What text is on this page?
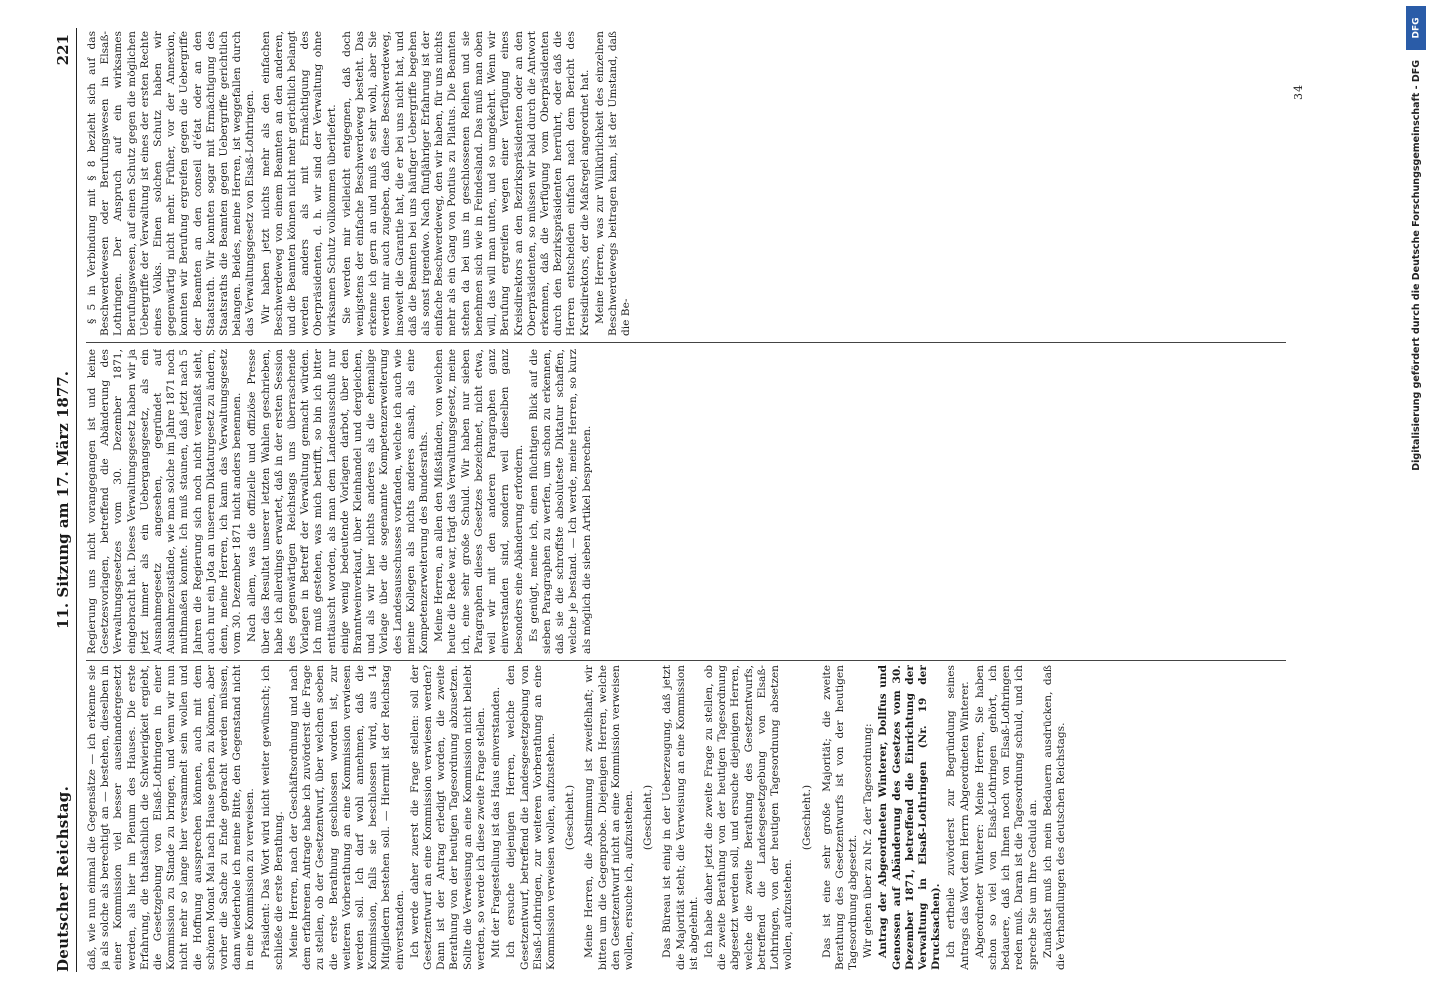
Deutscher Reichstag.
11. Sitzung am 17. März 1877.
221

daß, wie nun einmal die Gegensätze — ich erkenne sie ja als solche als berechtigt an — bestehen, dieselben in einer Kommission viel besser auseinandergesetzt werden, als hier im Plenum des Hauses. Die erste Erfahrung, die thatsächlich die Schwierigkeit ergiebt, die Gesetzgebung von Elsaß-Lothringen in einer Kommission zu Stande zu bringen, und wenn wir nun nicht mehr so lange hier versammelt sein wollen und die Hoffnung aussprechen können, auch mit dem schönen Monat Mai nach Hause gehen zu können, aber vorher die Sache zu Ende gebracht werden müssen, dann wiederhole ich meine Bitte, den Gegenstand nicht in eine Kommission zu verweisen. Präsident: Das Wort wird nicht weiter gewünscht; ich schließe die erste Berathung. Meine Herren, nach der Geschäftsordnung und nach dem erfahrenen Antrage habe ich zuvörderst die Frage zu stellen, ob der Gesetzentwurf, über welchen soeben die erste Berathung geschlossen worden ist, zur weiteren Vorberathung an eine Kommission verwiesen werden soll. Ich darf wohl annehmen, daß die Kommission, falls sie beschlossen wird, aus 14 Mitgliedern bestehen soll. — Hiermit ist der Reichstag einverstanden. Ich werde daher zuerst die Frage stellen: soll der Gesetzentwurf an eine Kommission verwiesen werden? Dann ist der Antrag erledigt worden, die zweite Berathung von der heutigen Tagesordnung abzusetzen. Sollte die Verweisung an eine Kommission nicht beliebt werden, so werde ich diese zweite Frage stellen. Mit der Fragestellung ist das Haus einverstanden. Ich ersuche diejenigen Herren, welche den Gesetzentwurf, betreffend die Landesgesetzgebung von Elsaß-Lothringen, zur weiteren Vorberathung an eine Kommission verweisen wollen, aufzustehen. (Geschieht.) Meine Herren, die Abstimmung ist zweifelhaft; wir bitten um die Gegenprobe. Diejenigen Herren, welche den Gesetzentwurf nicht an eine Kommission verweisen wollen, ersuche ich, aufzustehen. (Geschieht.) Das Büreau ist einig in der Ueberzeugung, daß jetzt die Majorität steht; die Verweisung an eine Kommission ist abgelehnt. Ich habe daher jetzt die zweite Frage zu stellen, ob die zweite Berathung von der heutigen Tagesordnung abgesetzt werden soll, und ersuche diejenigen Herren, welche die zweite Berathung des Gesetzentwurfs, betreffend die Landesgesetzgebung von Elsaß-Lothringen, von der heutigen Tagesordnung absetzen wollen, aufzustehen.

(Geschieht.) Das ist eine sehr große Majorität; die zweite Berathung des Gesetzentwurfs ist von der heutigen Tagesordnung abgesetzt. Wir gehen über zu Nr. 2 der Tagesordnung: Antrag der Abgeordneten Winterer, Dollfus und Genossen auf Abänderung des Gesetzes vom 30. Dezember 1871, betreffend die Einrichtung der Verwaltung in Elsaß-Lothringen (Nr. 19 der Drucksachen). Ich ertheile zuvörderst zur Begründung seines Antrags das Wort dem Herrn Abgeordneten Winterer. Abgeordneter Winterer: Meine Herren, Sie haben schon so viel von Elsaß-Lothringen gehört, ich bedauere, daß ich Ihnen noch von Elsaß-Lothringen reden muß. Daran ist die Tagesordnung schuld, und ich spreche Sie um Ihre Geduld an. Zunächst muß ich mein Bedauern ausdrücken, daß die Verhandlungen des deutschen Reichstags.

Regierung uns nicht vorangegangen ist und keine Gesetzesvorlagen, betreffend die Abänderung des Verwaltungsgesetzes vom 30. Dezember 1871, eingebracht hat. Dieses Verwaltungsgesetz haben wir ja jetzt immer als ein Uebergangsgesetz, als ein Ausnahmegesetz angesehen, gegründet auf Ausnahmezustände, wie man solche im Jahre 1871 noch muthmaßen konnte. Ich muß staunen, daß jetzt nach 5 Jahren die Regierung sich noch nicht veranlaßt sieht, auch nur ein Jota an unserem Diktaturgesetz zu ändern, denn, meine Herren, ich kann das Verwaltungsgesetz vom 30. Dezember 1871 nicht anders benennen. Nach allem, was die offizielle und offiziöse Presse über das Resultat unserer letzten Wahlen geschrieben, habe ich allerdings erwartet, daß in der ersten Session des gegenwärtigen Reichstags uns überraschende Vorlagen in Betreff der Verwaltung gemacht würden. Ich muß gestehen, was mich betrifft, so bin ich bitter enttäuscht worden, als man dem Landesausschuß nur einige wenig bedeutende Vorlagen darbot, über den Branntweinverkauf, über Kleinhandel und dergleichen, und als wir hier nichts anderes als die ehemalige Vorlage über die sogenannte Kompetenzerweiterung des Landesausschusses vorfanden, welche ich auch wie meine Kollegen als nichts anderes ansah, als eine Kompetenzerweiterung des Bundesraths. Meine Herren, an allen den Mißständen, von welchen heute die Rede war, trägt das Verwaltungsgesetz, meine ich, eine sehr große Schuld. Wir haben nur sieben Paragraphen dieses Gesetzes bezeichnet, nicht etwa, weil wir mit den anderen Paragraphen ganz einverstanden sind, sondern weil dieselben ganz besonders eine Abänderung erfordern. Es genügt, meine ich, einen flüchtigen Blick auf die sieben Paragraphen zu werfen, um schon zu erkennen, daß sie die schroffste absoluteste Diktatur schaffen, welche je bestand. — Ich werde, meine Herren, so kurz als möglich die sieben Artikel besprechen.

§ 5 in Verbindung mit § 8 bezieht sich auf das Beschwerdewesen oder Berufungswesen in Elsaß-Lothringen. Der Anspruch auf ein wirksames Berufungswesen, auf einen Schutz gegen die möglichen Uebergriffe der Verwaltung ist eines der ersten Rechte eines Volks. Einen solchen Schutz haben wir gegenwärtig nicht mehr. Früher, vor der Annexion, konnten wir Berufung ergreifen gegen die Uebergriffe der Beamten an den conseil d'état oder an den Staatsrath. Wir konnten sogar mit Ermächtigung des Staatsraths die Beamten gegen Uebergriffe gerichtlich belangen. Beides, meine Herren, ist weggefallen durch das Verwaltungsgesetz von Elsaß-Lothringen. Wir haben jetzt nichts mehr als den einfachen Beschwerdeweg von einem Beamten an den anderen, und die Beamten können nicht mehr gerichtlich belangt werden anders als mit Ermächtigung des Oberpräsidenten, d. h. wir sind der Verwaltung ohne wirksamen Schutz vollkommen überliefert. Sie werden mir vielleicht entgegnen, daß doch wenigstens der einfache Beschwerdeweg besteht. Das erkenne ich gern an und muß es sehr wohl, aber Sie werden mir auch zugeben, daß diese Beschwerdeweg, insoweit die Garantie hat, die er bei uns nicht hat, und daß die Beamten bei uns häufiger Uebergriffe begehen als sonst irgendwo. Nach fünfjähriger Erfahrung ist der einfache Beschwerdeweg, den wir haben, für uns nichts mehr als ein Gang von Pontius zu Pilatus. Die Beamten stehen da bei uns in geschlossenen Reihen und sie benehmen sich wie in Feindesland. Das muß man oben will, das will man unten, und so umgekehrt. Wenn wir Berufung ergreifen wegen einer Verfügung eines Kreisdirektors an den Bezirkspräsidenten oder an den Oberpräsidenten, so müssen wir bald durch die Antwort erkennen, daß die Verfügung vom Oberpräsidenten durch den Bezirkspräsidenten herrührt, oder daß die Herren entscheiden einfach nach dem Bericht des Kreisdirektors, der die Maßregel angeordnet hat. Meine Herren, was zur Willkürlichkeit des einzelnen Beschwerdewegs beitragen kann, ist der Umstand, daß die Be-

34
DFG
Digitalisierung gefördert durch die Deutsche Forschungsgemeinschaft - DFG
